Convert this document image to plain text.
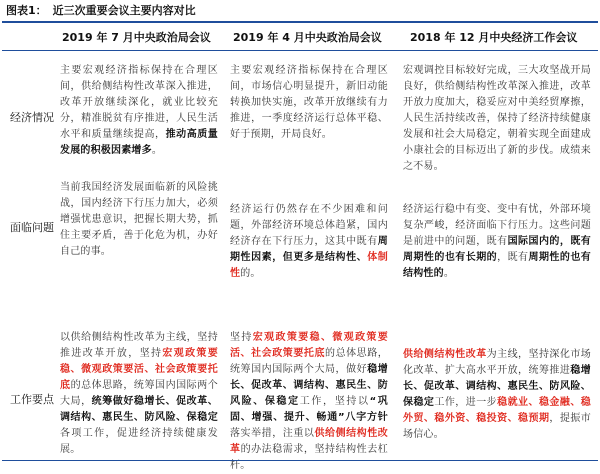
图表1： 近三次重要会议主要内容对比
2019 年 7 月中央政治局会议 2019 年 4 月中央政治局会议	2018 年 12 月中央经济工作会议
经济情况

主要宏观经济指标保持在合理区间，供给侧结构性改革深入推进，改革开放继续深化，就业比较充分，精准脱贫有序推进，人民生活水平和质量继续提高，推动高质量发展的积极因素增多。

主要宏观经济指标保持在合理区间，市场信心明显提升，新旧动能转换加快实施，改革开放继续有力推进，一季度经济运行总体平稳、好于预期，开局良好。

宏观调控目标较好完成，三大攻坚战开局良好，供给侧结构性改革深入推进，改革开放力度加大，稳妥应对中美经贸摩擦，人民生活持续改善，保持了经济持续健康发展和社会大局稳定，朝着实现全面建成小康社会的目标迈出了新的步伐。成绩来之不易。

面临问题

当前我国经济发展面临新的风险挑战，国内经济下行压力加大，必须增强忧患意识，把握长期大势，抓住主要矛盾，善于化危为机，办好自己的事。

经济运行仍然存在不少困难和问题，外部经济环境总体趋紧，国内经济存在下行压力，这其中既有周期性因素，但更多是结构性、体制性的。

经济运行稳中有变、变中有忧，外部环境复杂严峻，经济面临下行压力。这些问题是前进中的问题，既有国际国内的，既有周期性的也有长期的，既有周期性的也有结构性的。

工作要点

以供给侧结构性改革为主线，坚持推进改革开放，坚持宏观政策要稳、微观政策要活、社会政策要托底的总体思路，统筹国内国际两个大局，统筹做好稳增长、促改革、调结构、惠民生、防风险、保稳定各项工作，促进经济持续健康发展。

坚持宏观政策要稳、微观政策要活、社会政策要托底的总体思路，统筹国内国际两个大局，做好稳增长、促改革、调结构、惠民生、防风险、保稳定工作，坚持以“巩固、增强、提升、畅通”八字方针落实举措，注重以供给侧结构性改革的办法稳需求，坚持结构性去杠杆。

供给侧结构性改革为主线，坚持深化市场化改革、扩大高水平开放，统筹推进稳增长、促改革、调结构、惠民生、防风险、保稳定工作，进一步稳就业、稳金融、稳外贸、稳外资、稳投资、稳预期，提振市场信心。
